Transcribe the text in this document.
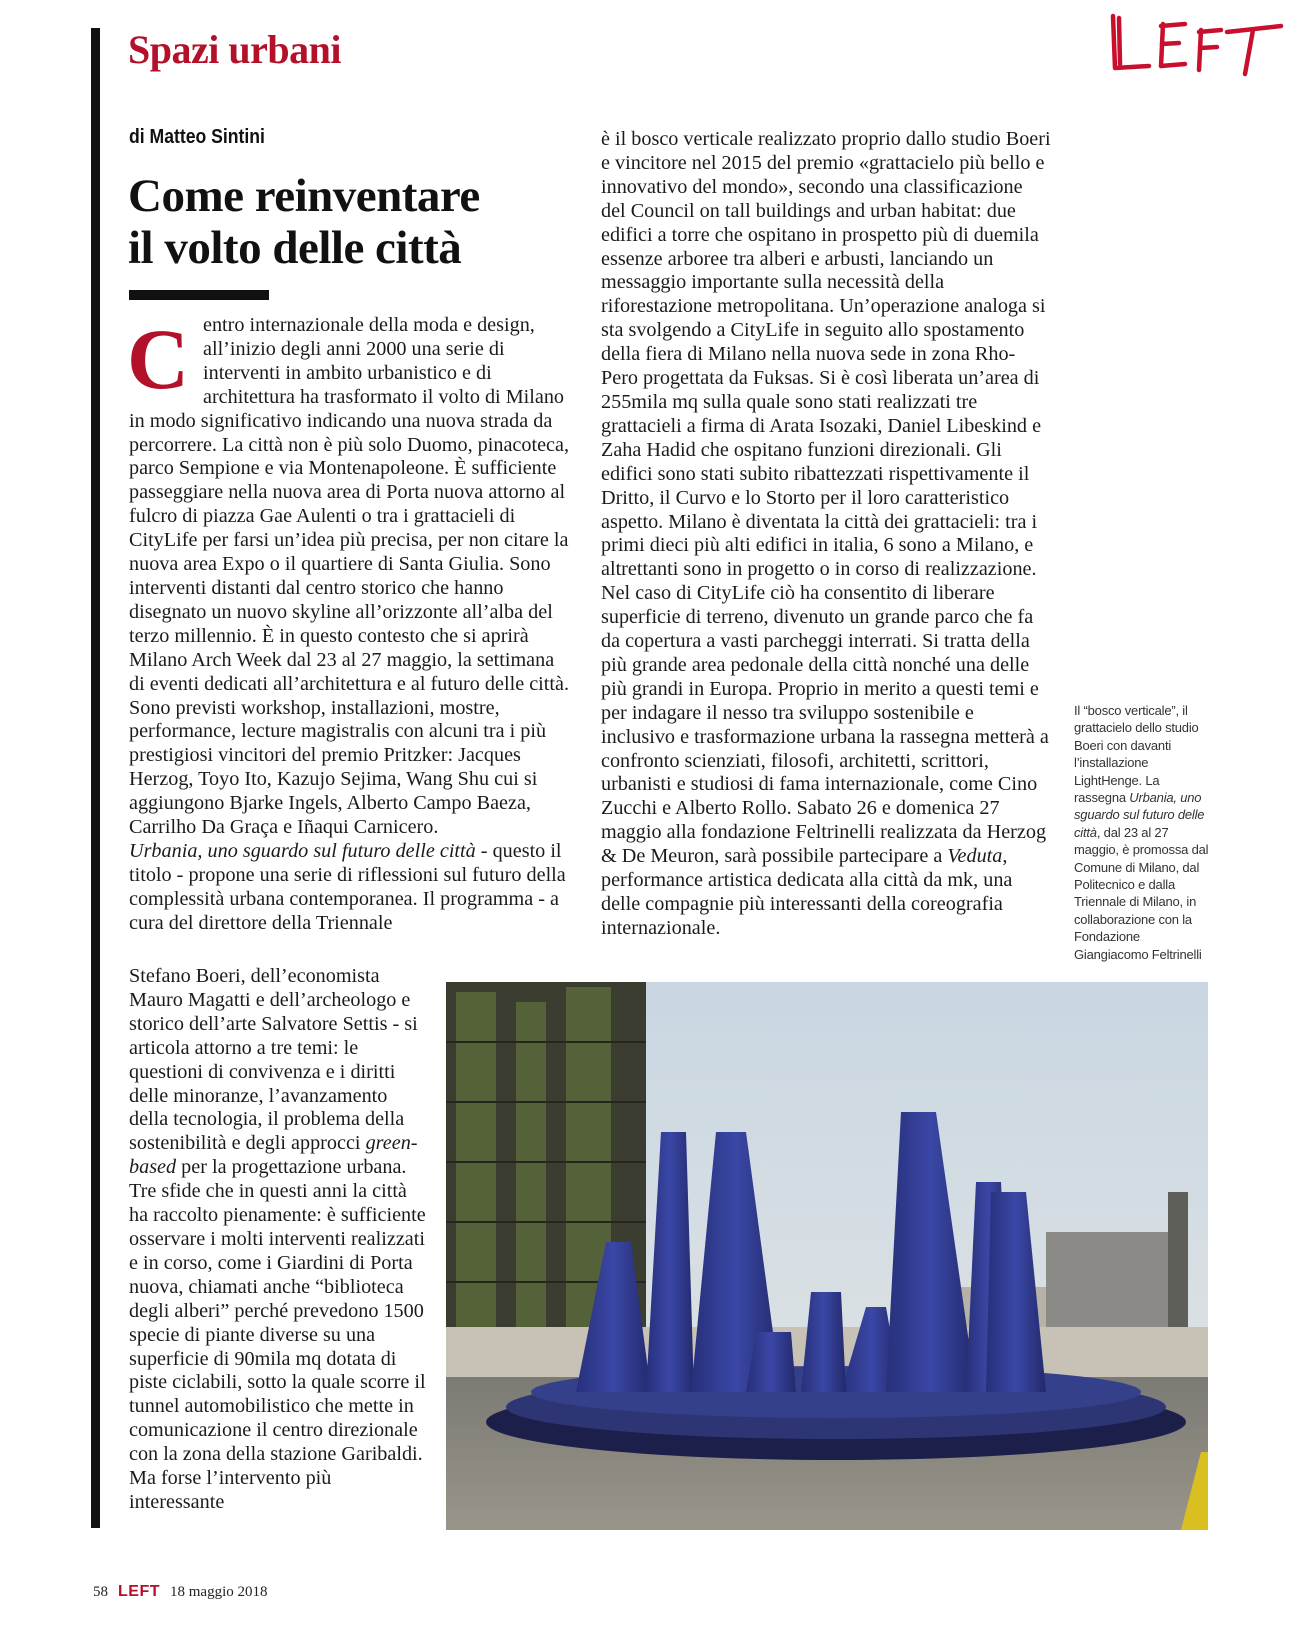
Spazi urbani
di Matteo Sintini
Come reinventare
il volto delle città
C entro internazionale della moda e design, all’inizio degli anni 2000 una serie di interventi in ambito urbanistico e di architettura ha trasformato il volto di Milano in modo significativo indicando una nuova strada da percorrere. La città non è più solo Duomo, pinacoteca, parco Sempione e via Montenapoleone. È sufficiente passeggiare nella nuova area di Porta nuova attorno al fulcro di piazza Gae Aulenti o tra i grattacieli di CityLife per farsi un’idea più precisa, per non citare la nuova area Expo o il quartiere di Santa Giulia. Sono interventi distanti dal centro storico che hanno disegnato un nuovo skyline all’orizzonte all’alba del terzo millennio. È in questo contesto che si aprirà Milano Arch Week dal 23 al 27 maggio, la settimana di eventi dedicati all’architettura e al futuro delle città. Sono previsti workshop, installazioni, mostre, performance, lecture magistralis con alcuni tra i più prestigiosi vincitori del premio Pritzker: Jacques Herzog, Toyo Ito, Kazujo Sejima, Wang Shu cui si aggiungono Bjarke Ingels, Alberto Campo Baeza, Carrilho Da Graça e Iñaqui Carnicero.
Urbania, uno sguardo sul futuro delle città - questo il titolo - propone una serie di riflessioni sul futuro della complessità urbana contemporanea. Il programma - a cura del direttore della Triennale
Stefano Boeri, dell’economista Mauro Magatti e dell’archeologo e storico dell’arte Salvatore Settis - si articola attorno a tre temi: le questioni di convivenza e i diritti delle minoranze, l’avanzamento della tecnologia, il problema della sostenibilità e degli approcci green-based per la progettazione urbana. Tre sfide che in questi anni la città ha raccolto pienamente: è sufficiente osservare i molti interventi realizzati e in corso, come i Giardini di Porta nuova, chiamati anche “biblioteca degli alberi” perché prevedono 1500 specie di piante diverse su una superficie di 90mila mq dotata di piste ciclabili, sotto la quale scorre il tunnel automobilistico che mette in comunicazione il centro direzionale con la zona della stazione Garibaldi. Ma forse l’intervento più interessante
è il bosco verticale realizzato proprio dallo studio Boeri e vincitore nel 2015 del premio «grattacielo più bello e innovativo del mondo», secondo una classificazione del Council on tall buildings and urban habitat: due edifici a torre che ospitano in prospetto più di duemila essenze arboree tra alberi e arbusti, lanciando un messaggio importante sulla necessità della riforestazione metropolitana. Un’operazione analoga si sta svolgendo a CityLife in seguito allo spostamento della fiera di Milano nella nuova sede in zona Rho-Pero progettata da Fuksas. Si è così liberata un’area di 255mila mq sulla quale sono stati realizzati tre grattacieli a firma di Arata Isozaki, Daniel Libeskind e Zaha Hadid che ospitano funzioni direzionali. Gli edifici sono stati subito ribattezzati rispettivamente il Dritto, il Curvo e lo Storto per il loro caratteristico aspetto. Milano è diventata la città dei grattacieli: tra i primi dieci più alti edifici in italia, 6 sono a Milano, e altrettanti sono in progetto o in corso di realizzazione. Nel caso di CityLife ciò ha consentito di liberare superficie di terreno, divenuto un grande parco che fa da copertura a vasti parcheggi interrati. Si tratta della più grande area pedonale della città nonché una delle più grandi in Europa. Proprio in merito a questi temi e per indagare il nesso tra sviluppo sostenibile e inclusivo e trasformazione urbana la rassegna metterà a confronto scienziati, filosofi, architetti, scrittori, urbanisti e studiosi di fama internazionale, come Cino Zucchi e Alberto Rollo. Sabato 26 e domenica 27 maggio alla fondazione Feltrinelli realizzata da Herzog & De Meuron, sarà possibile partecipare a Veduta, performance artistica dedicata alla città da mk, una delle compagnie più interessanti della coreografia internazionale.
Il “bosco verticale”, il grattacielo dello studio Boeri con davanti l’installazione LightHenge. La rassegna Urbania, uno sguardo sul futuro delle città, dal 23 al 27 maggio, è promossa dal Comune di Milano, dal Politecnico e dalla Triennale di Milano, in collaborazione con la Fondazione Giangiacomo Feltrinelli
58 LEFT 18 maggio 2018
